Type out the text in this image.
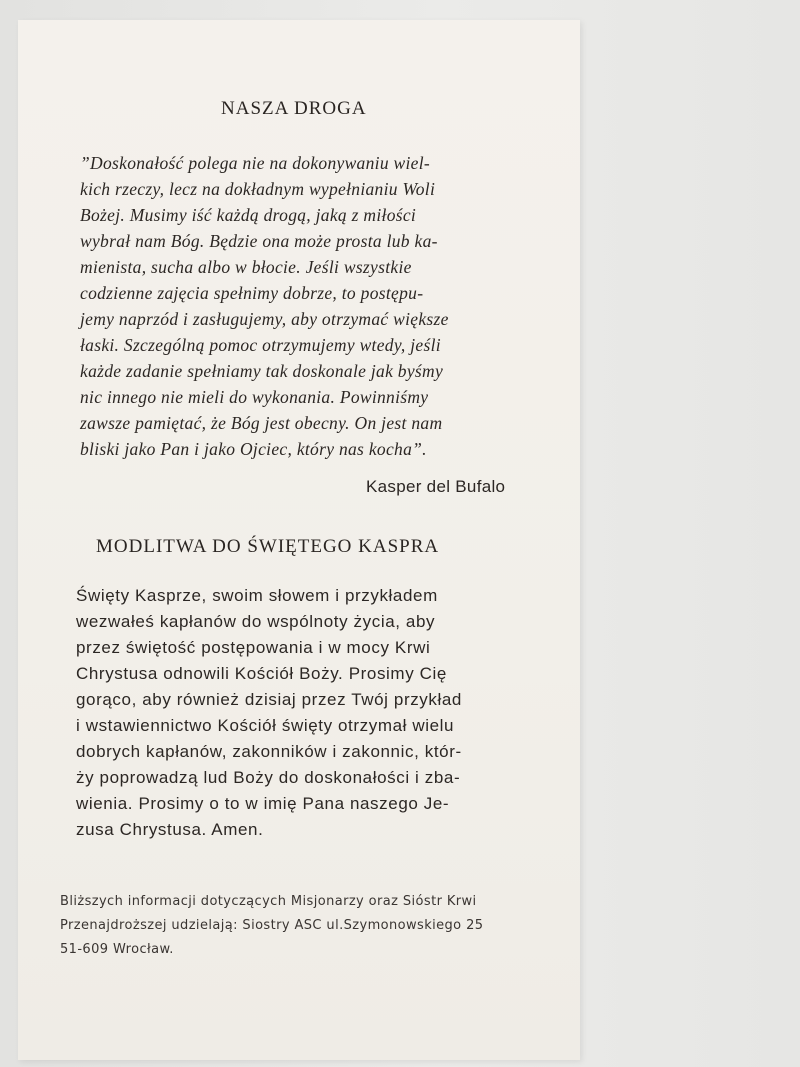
NASZA DROGA
”Doskonałość polega nie na dokonywaniu wiel-
kich rzeczy, lecz na dokładnym wypełnianiu Woli
Bożej. Musimy iść każdą drogą, jaką z miłości
wybrał nam Bóg. Będzie ona może prosta lub ka-
mienista, sucha albo w błocie. Jeśli wszystkie
codzienne zajęcia spełnimy dobrze, to postępu-
jemy naprzód i zasługujemy, aby otrzymać większe
łaski. Szczególną pomoc otrzymujemy wtedy, jeśli
każde zadanie spełniamy tak doskonale jak byśmy
nic innego nie mieli do wykonania. Powinniśmy
zawsze pamiętać, że Bóg jest obecny. On jest nam
bliski jako Pan i jako Ojciec, który nas kocha”.
Kasper del Bufalo
MODLITWA DO ŚWIĘTEGO KASPRA
Święty Kasprze, swoim słowem i przykładem
wezwałeś kapłanów do wspólnoty życia, aby
przez świętość postępowania i w mocy Krwi
Chrystusa odnowili Kościół Boży. Prosimy Cię
gorąco, aby również dzisiaj przez Twój przykład
i wstawiennictwo Kościół święty otrzymał wielu
dobrych kapłanów, zakonników i zakonnic, któr-
ży poprowadzą lud Boży do doskonałości i zba-
wienia. Prosimy o to w imię Pana naszego Je-
zusa Chrystusa. Amen.
Bliższych informacji dotyczących Misjonarzy oraz Sióstr Krwi
Przenajdroższej udzielają: Siostry ASC ul.Szymonowskiego 25
51-609 Wrocław.
